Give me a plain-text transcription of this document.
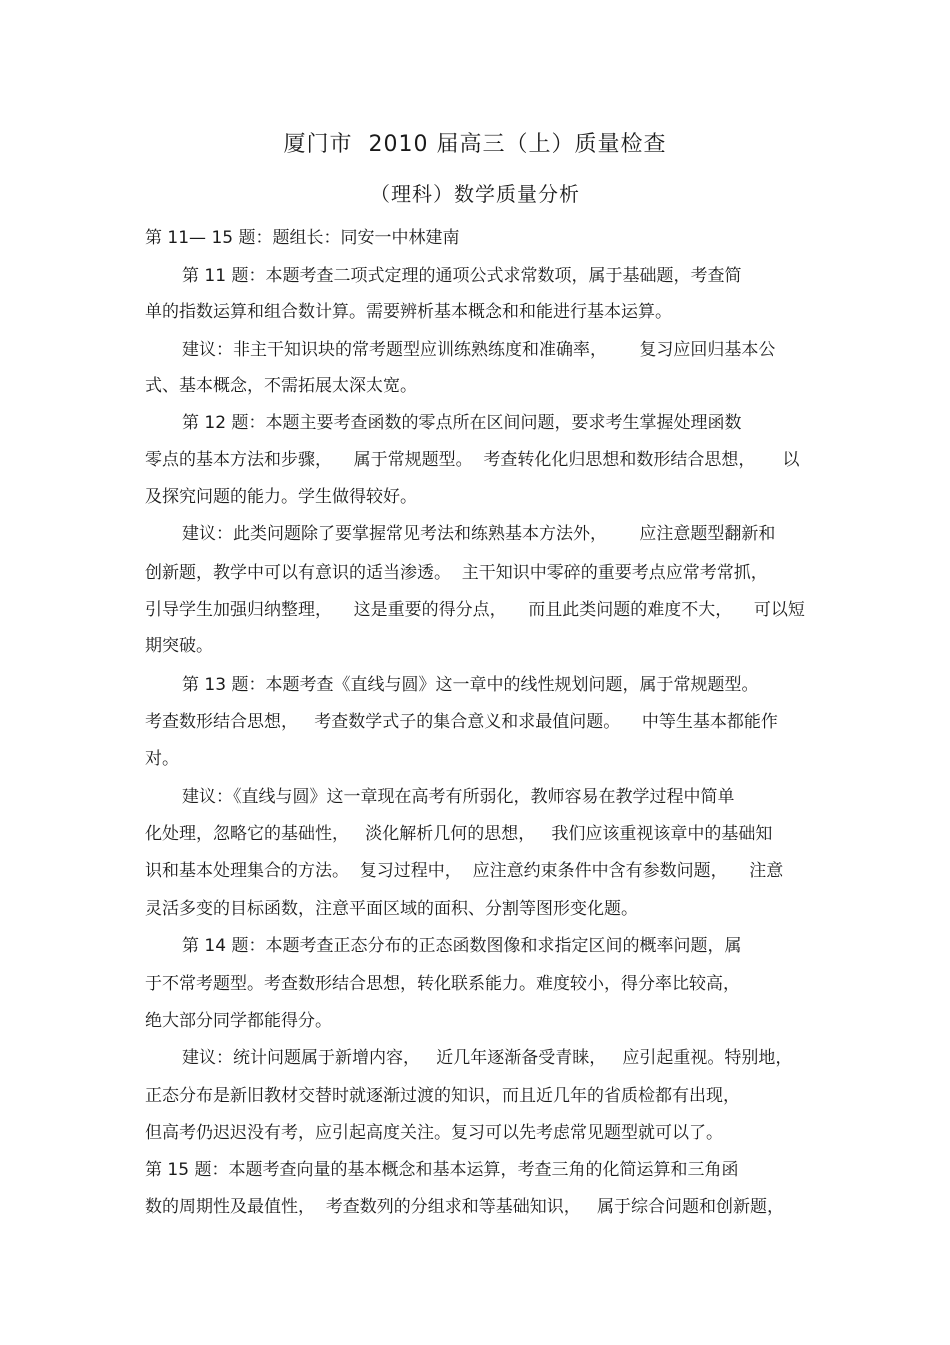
厦门市  2010 届高三（上）质量检查
（理科）数学质量分析
第 11— 15 题：题组长：同安一中林建南
第 11 题：本题考查二项式定理的通项公式求常数项，属于基础题，考查简
单的指数运算和组合数计算。需要辨析基本概念和和能进行基本运算。
建议：非主干知识块的常考题型应训练熟练度和准确率，      复习应回归基本公
式、基本概念，不需拓展太深太宽。
第 12 题：本题主要考查函数的零点所在区间问题，要求考生掌握处理函数
零点的基本方法和步骤，    属于常规题型。  考查转化化归思想和数形结合思想，     以
及探究问题的能力。学生做得较好。
建议：此类问题除了要掌握常见考法和练熟基本方法外，      应注意题型翻新和
创新题，教学中可以有意识的适当渗透。  主干知识中零碎的重要考点应常考常抓，
引导学生加强归纳整理，    这是重要的得分点，    而且此类问题的难度不大，    可以短
期突破。
第 13 题：本题考查《直线与圆》这一章中的线性规划问题，属于常规题型。
考查数形结合思想，   考查数学式子的集合意义和求最值问题。    中等生基本都能作
对。
建议：《直线与圆》这一章现在高考有所弱化，教师容易在教学过程中简单
化处理，忽略它的基础性，   淡化解析几何的思想，   我们应该重视该章中的基础知
识和基本处理集合的方法。  复习过程中，  应注意约束条件中含有参数问题，    注意
灵活多变的目标函数，注意平面区域的面积、分割等图形变化题。
第 14 题：本题考查正态分布的正态函数图像和求指定区间的概率问题，属
于不常考题型。考查数形结合思想，转化联系能力。难度较小，得分率比较高，
绝大部分同学都能得分。
建议：统计问题属于新增内容，   近几年逐渐备受青睐，   应引起重视。特别地，
正态分布是新旧教材交替时就逐渐过渡的知识，而且近几年的省质检都有出现，
但高考仍迟迟没有考，应引起高度关注。复习可以先考虑常见题型就可以了。
第 15 题：本题考查向量的基本概念和基本运算，考查三角的化简运算和三角函
数的周期性及最值性，  考查数列的分组求和等基础知识，   属于综合问题和创新题，
